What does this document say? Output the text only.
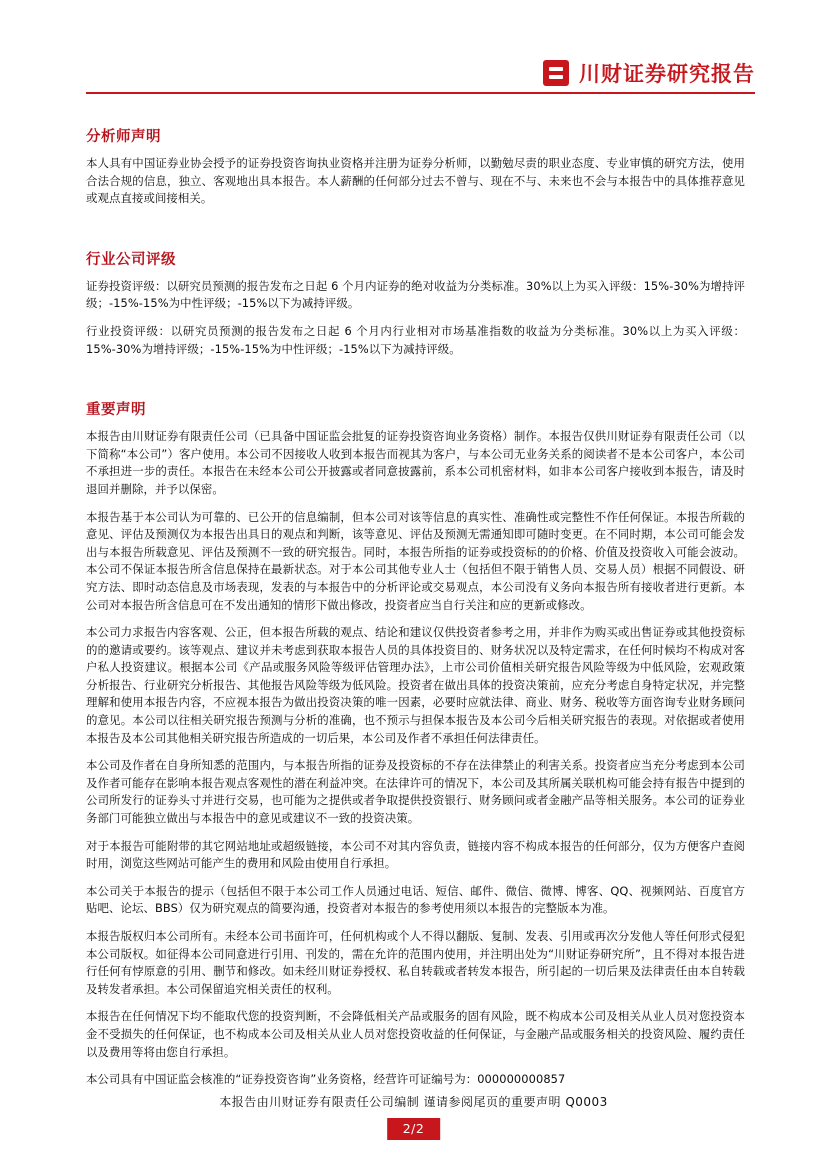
川财证券研究报告
分析师声明

本人具有中国证券业协会授予的证券投资咨询执业资格并注册为证券分析师，以勤勉尽责的职业态度、专业审慎的研究方法，使用合法合规的信息，独立、客观地出具本报告。本人薪酬的任何部分过去不曾与、现在不与、未来也不会与本报告中的具体推荐意见或观点直接或间接相关。

行业公司评级

证券投资评级：以研究员预测的报告发布之日起 6 个月内证券的绝对收益为分类标准。30%以上为买入评级：15%-30%为增持评级；-15%-15%为中性评级；-15%以下为减持评级。

行业投资评级：以研究员预测的报告发布之日起 6 个月内行业相对市场基准指数的收益为分类标准。30%以上为买入评级：15%-30%为增持评级；-15%-15%为中性评级；-15%以下为减持评级。

重要声明

本报告由川财证券有限责任公司（已具备中国证监会批复的证券投资咨询业务资格）制作。本报告仅供川财证券有限责任公司（以下简称“本公司”）客户使用。本公司不因接收人收到本报告而视其为客户，与本公司无业务关系的阅读者不是本公司客户，本公司不承担进一步的责任。本报告在未经本公司公开披露或者同意披露前，系本公司机密材料，如非本公司客户接收到本报告，请及时退回并删除，并予以保密。

本报告基于本公司认为可靠的、已公开的信息编制，但本公司对该等信息的真实性、准确性或完整性不作任何保证。本报告所载的意见、评估及预测仅为本报告出具日的观点和判断，该等意见、评估及预测无需通知即可随时变更。在不同时期，本公司可能会发出与本报告所载意见、评估及预测不一致的研究报告。同时，本报告所指的证券或投资标的的价格、价值及投资收入可能会波动。本公司不保证本报告所含信息保持在最新状态。对于本公司其他专业人士（包括但不限于销售人员、交易人员）根据不同假设、研究方法、即时动态信息及市场表现，发表的与本报告中的分析评论或交易观点，本公司没有义务向本报告所有接收者进行更新。本公司对本报告所含信息可在不发出通知的情形下做出修改，投资者应当自行关注和应的更新或修改。

本公司力求报告内容客观、公正，但本报告所载的观点、结论和建议仅供投资者参考之用，并非作为购买或出售证券或其他投资标的的邀请或要约。该等观点、建议并未考虑到获取本报告人员的具体投资目的、财务状况以及特定需求，在任何时候均不构成对客户私人投资建议。根据本公司《产品或服务风险等级评估管理办法》，上市公司价值相关研究报告风险等级为中低风险，宏观政策分析报告、行业研究分析报告、其他报告风险等级为低风险。投资者在做出具体的投资决策前，应充分考虑自身特定状况，并完整理解和使用本报告内容，不应视本报告为做出投资决策的唯一因素，必要时应就法律、商业、财务、税收等方面咨询专业财务顾问的意见。本公司以往相关研究报告预测与分析的准确，也不预示与担保本报告及本公司今后相关研究报告的表现。对依据或者使用本报告及本公司其他相关研究报告所造成的一切后果，本公司及作者不承担任何法律责任。

本公司及作者在自身所知悉的范围内，与本报告所指的证券及投资标的不存在法律禁止的利害关系。投资者应当充分考虑到本公司及作者可能存在影响本报告观点客观性的潜在利益冲突。在法律许可的情况下，本公司及其所属关联机构可能会持有报告中提到的公司所发行的证券头寸并进行交易，也可能为之提供或者争取提供投资银行、财务顾问或者金融产品等相关服务。本公司的证券业务部门可能独立做出与本报告中的意见或建议不一致的投资决策。

对于本报告可能附带的其它网站地址或超级链接，本公司不对其内容负责，链接内容不构成本报告的任何部分，仅为方便客户查阅时用，浏览这些网站可能产生的费用和风险由使用自行承担。

本公司关于本报告的提示（包括但不限于本公司工作人员通过电话、短信、邮件、微信、微博、博客、QQ、视频网站、百度官方贴吧、论坛、BBS）仅为研究观点的简要沟通，投资者对本报告的参考使用须以本报告的完整版本为准。

本报告版权归本公司所有。未经本公司书面许可，任何机构或个人不得以翻版、复制、发表、引用或再次分发他人等任何形式侵犯本公司版权。如征得本公司同意进行引用、刊发的，需在允许的范围内使用，并注明出处为“川财证券研究所”，且不得对本报告进行任何有悖原意的引用、删节和修改。如未经川财证券授权、私自转载或者转发本报告，所引起的一切后果及法律责任由本自转载及转发者承担。本公司保留追究相关责任的权利。

本报告在任何情况下均不能取代您的投资判断，不会降低相关产品或服务的固有风险，既不构成本公司及相关从业人员对您投资本金不受损失的任何保证，也不构成本公司及相关从业人员对您投资收益的任何保证，与金融产品或服务相关的投资风险、履约责任以及费用等将由您自行承担。

本公司具有中国证监会核准的“证券投资咨询”业务资格，经营许可证编号为：000000000857

本报告由川财证券有限责任公司编制 谨请参阅尾页的重要声明 Q0003
2/2
